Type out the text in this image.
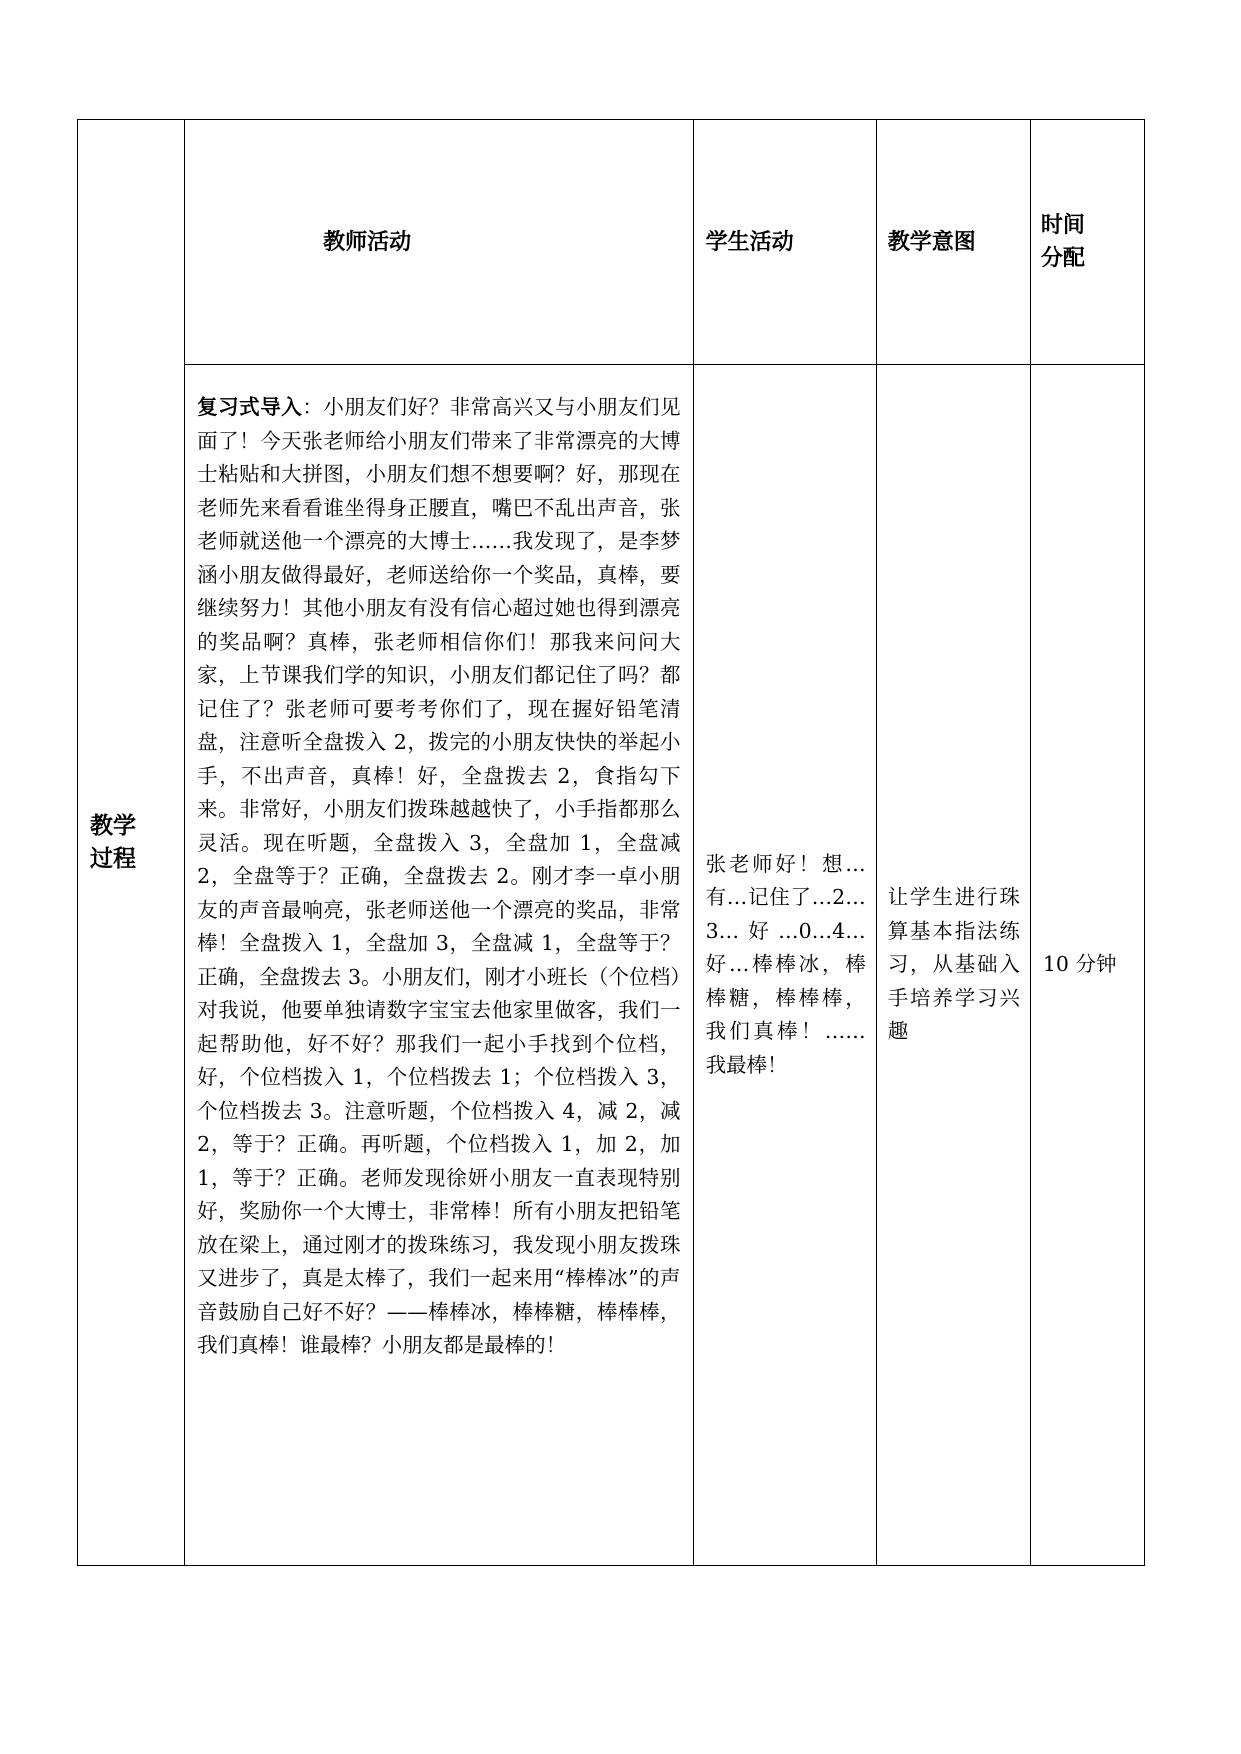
教学过程	教师活动	学生活动	教学意图	时间分配

	复习式导入：小朋友们好？非常高兴又与小朋友们见面了！今天张老师给小朋友们带来了非常漂亮的大博士粘贴和大拼图，小朋友们想不想要啊？好，那现在老师先来看看谁坐得身正腰直，嘴巴不乱出声音，张老师就送他一个漂亮的大博士……我发现了，是李梦涵小朋友做得最好，老师送给你一个奖品，真棒，要继续努力！其他小朋友有没有信心超过她也得到漂亮的奖品啊？真棒，张老师相信你们！那我来问问大家，上节课我们学的知识，小朋友们都记住了吗？都记住了？张老师可要考考你们了，现在握好铅笔清盘，注意听全盘拨入 2，拨完的小朋友快快的举起小手，不出声音，真棒！好，全盘拨去 2，食指勾下来。非常好，小朋友们拨珠越越快了，小手指都那么灵活。现在听题，全盘拨入 3，全盘加 1，全盘减 2，全盘等于？正确，全盘拨去 2。刚才李一卓小朋友的声音最响亮，张老师送他一个漂亮的奖品，非常棒！全盘拨入 1，全盘加 3，全盘减 1，全盘等于？正确，全盘拨去 3。小朋友们，刚才小班长（个位档）对我说，他要单独请数字宝宝去他家里做客，我们一起帮助他，好不好？那我们一起小手找到个位档，好，个位档拨入 1，个位档拨去 1；个位档拨入 3，个位档拨去 3。注意听题，个位档拨入 4，减 2，减 2，等于？正确。再听题，个位档拨入 1，加 2，加 1，等于？正确。老师发现徐妍小朋友一直表现特别好，奖励你一个大博士，非常棒！所有小朋友把铅笔放在梁上，通过刚才的拨珠练习，我发现小朋友拨珠又进步了，真是太棒了，我们一起来用“棒棒冰”的声音鼓励自己好不好？——棒棒冰，棒棒糖，棒棒棒，我们真棒！谁最棒？小朋友都是最棒的！	张老师好！想…有…记住了…2…3…好…0…4…好…棒棒冰，棒棒糖，棒棒棒，我们真棒！……我最棒！	让学生进行珠算基本指法练习，从基础入手培养学习兴趣	10 分钟
